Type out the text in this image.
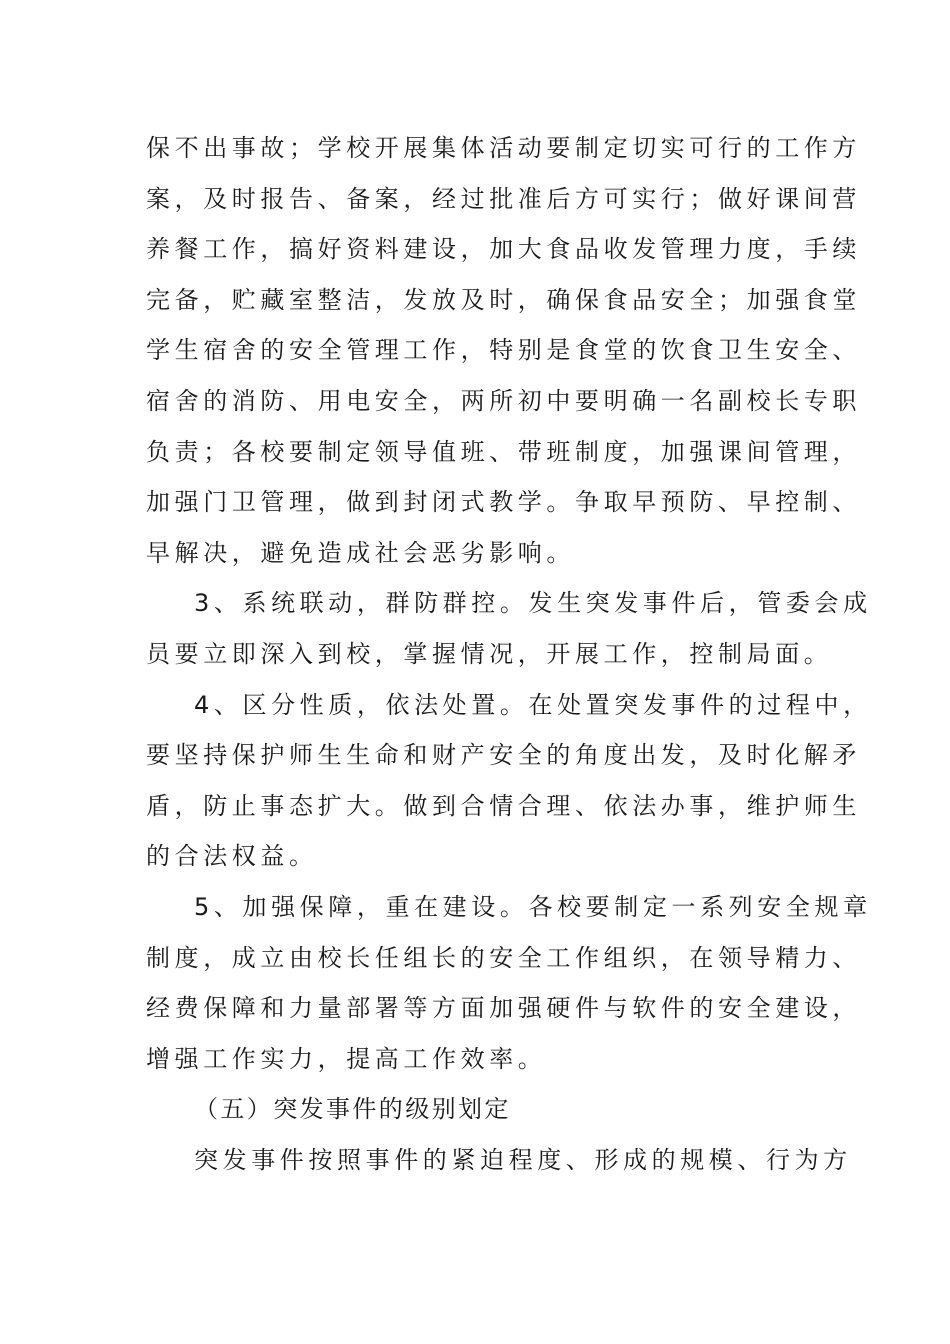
保不出事故；学校开展集体活动要制定切实可行的工作方
案，及时报告、备案，经过批准后方可实行；做好课间营
养餐工作，搞好资料建设，加大食品收发管理力度，手续
完备，贮藏室整洁，发放及时，确保食品安全；加强食堂
学生宿舍的安全管理工作，特别是食堂的饮食卫生安全、
宿舍的消防、用电安全，两所初中要明确一名副校长专职
负责；各校要制定领导值班、带班制度，加强课间管理，
加强门卫管理，做到封闭式教学。争取早预防、早控制、
早解决，避免造成社会恶劣影响。
3、系统联动，群防群控。发生突发事件后，管委会成
员要立即深入到校，掌握情况，开展工作，控制局面。
4、区分性质，依法处置。在处置突发事件的过程中，
要坚持保护师生生命和财产安全的角度出发，及时化解矛
盾，防止事态扩大。做到合情合理、依法办事，维护师生
的合法权益。
5、加强保障，重在建设。各校要制定一系列安全规章
制度，成立由校长任组长的安全工作组织，在领导精力、
经费保障和力量部署等方面加强硬件与软件的安全建设，
增强工作实力，提高工作效率。
（五）突发事件的级别划定
突发事件按照事件的紧迫程度、形成的规模、行为方
